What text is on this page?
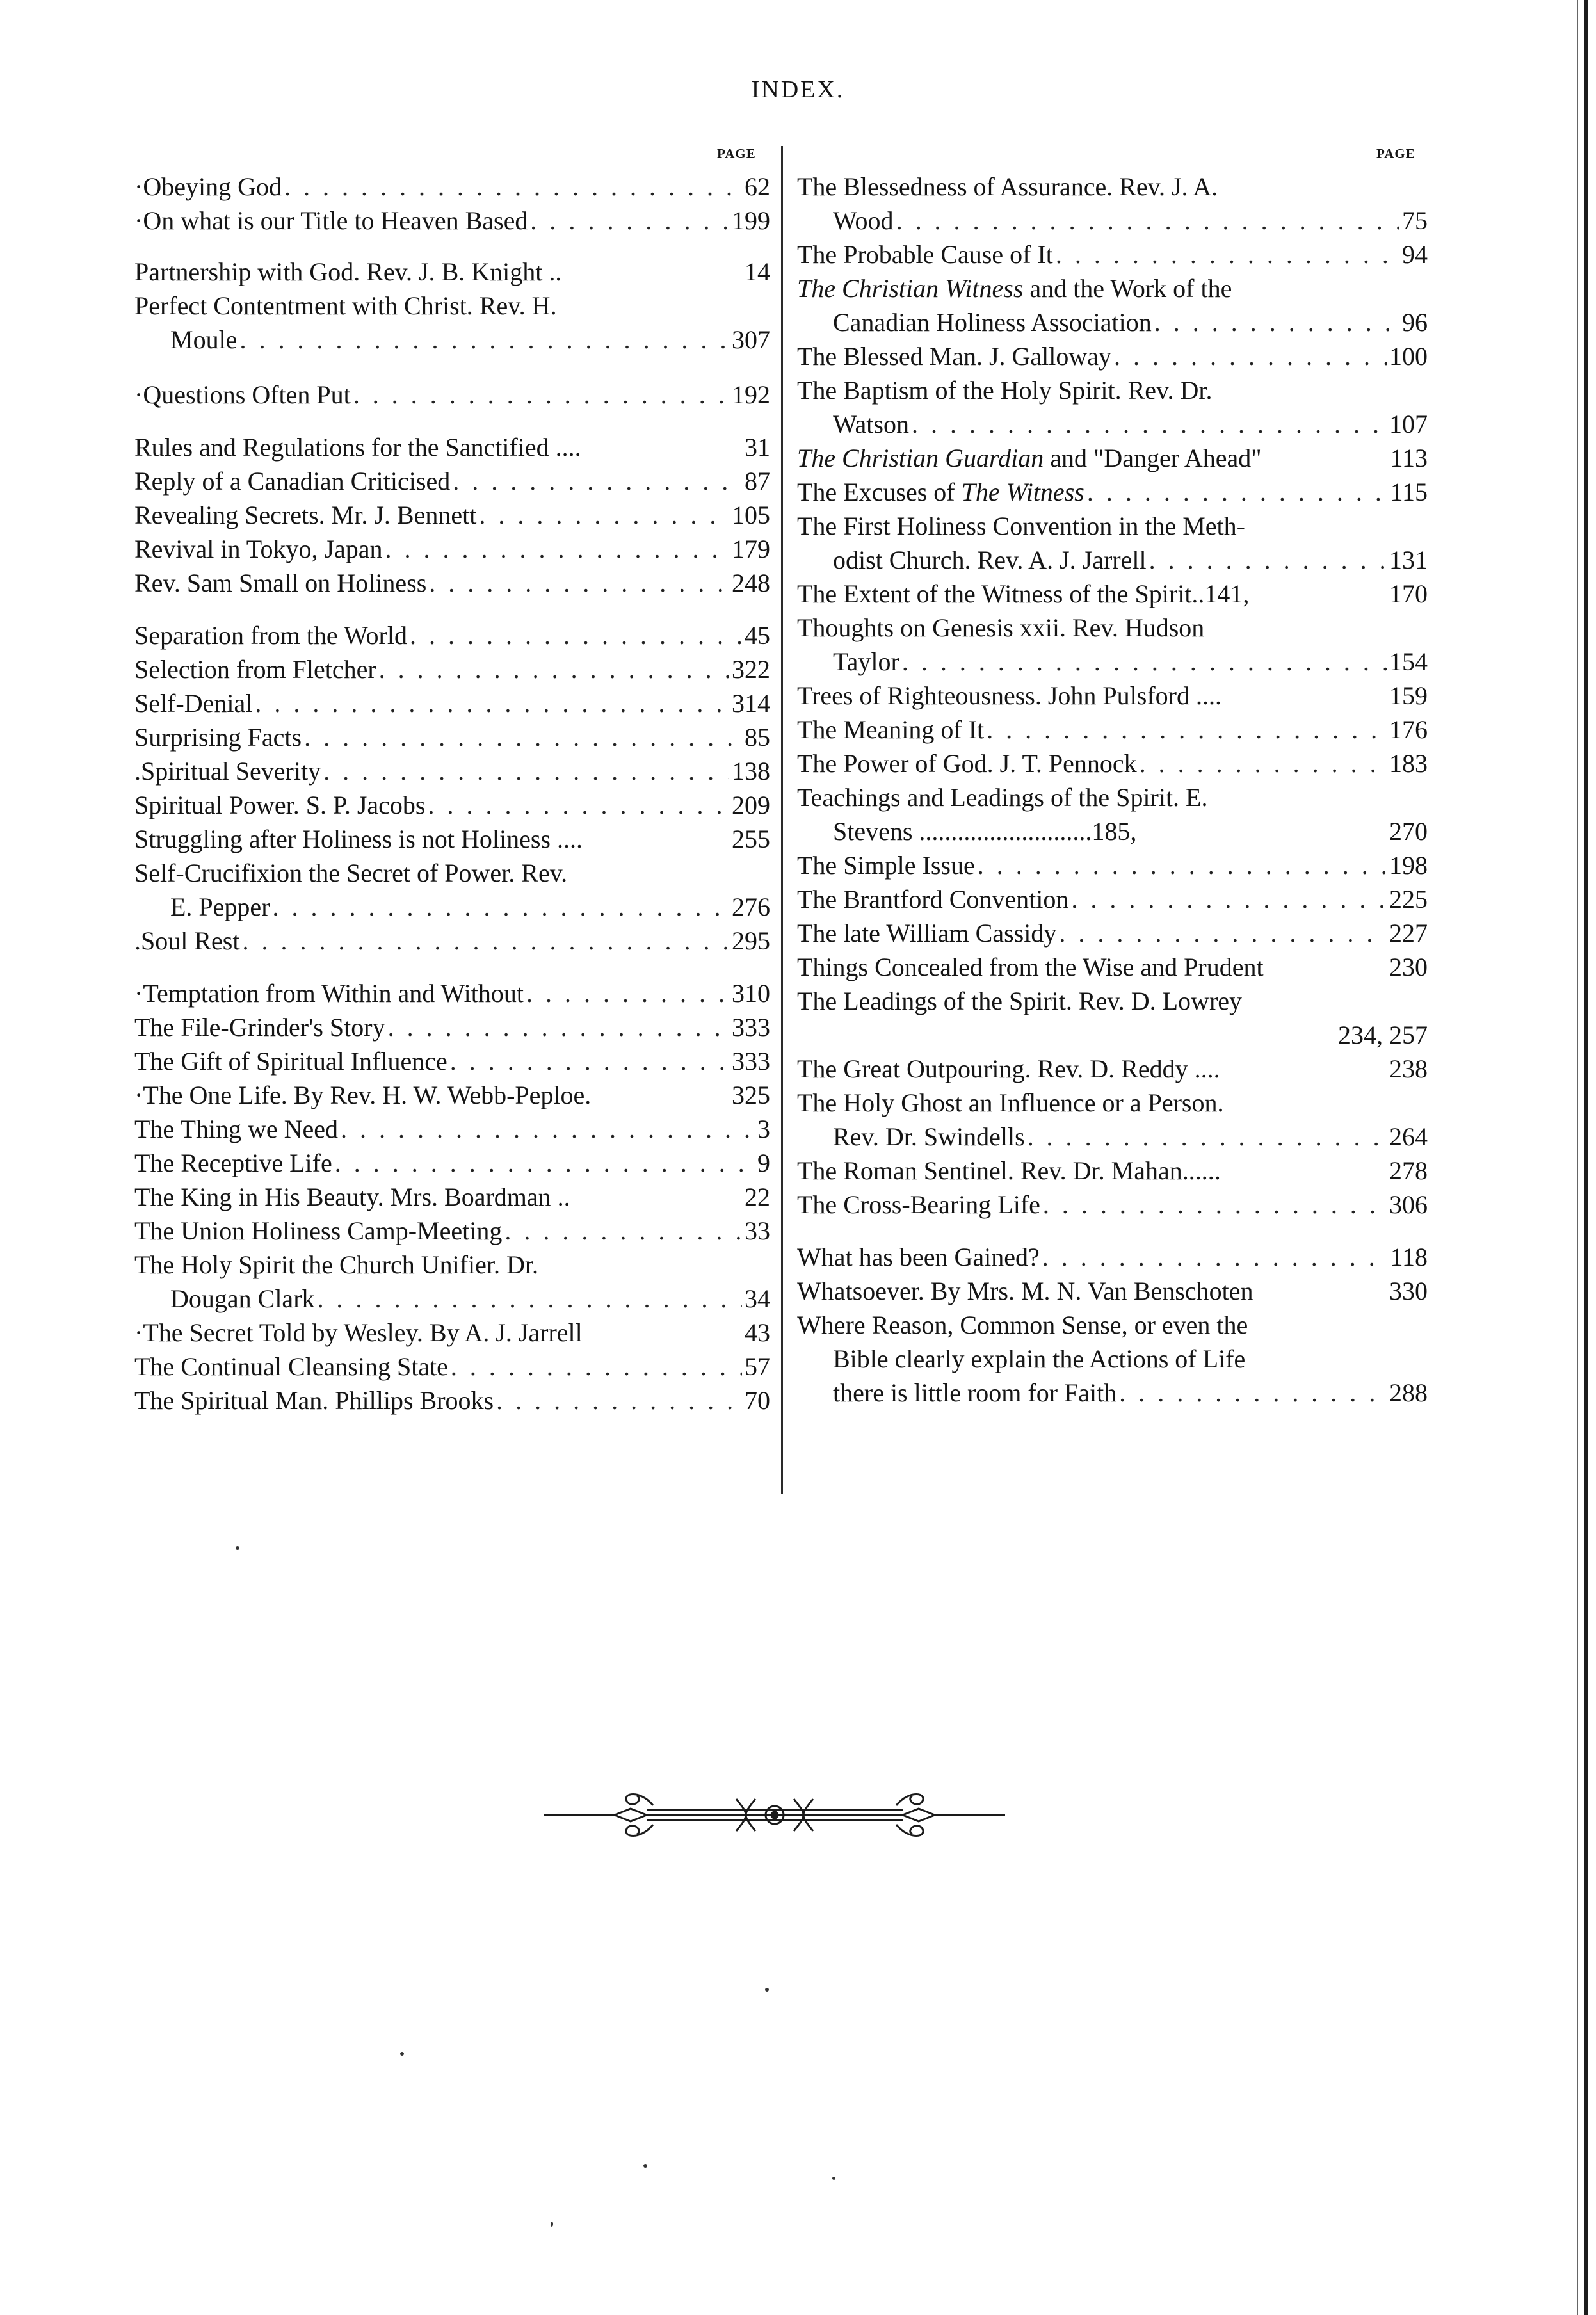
INDEX.
PAGE	PAGE
·Obeying God . . .	62
·On what is our Title to Heaven Based . . .	199
Partnership with God. Rev. J. B. Knight ..	14
Perfect Contentment with Christ. Rev. H.
Moule . . .	307
·Questions Often Put . . .	192
Rules and Regulations for the Sanctified ....	31
Reply of a Canadian Criticised . . .	87
Revealing Secrets. Mr. J. Bennett . . .	105
Revival in Tokyo, Japan . . .	179
Rev. Sam Small on Holiness . . .	248
Separation from the World . . .	45
Selection from Fletcher . . .	322
Self-Denial . . .	314
Surprising Facts . . .	85
.Spiritual Severity . . .	138
Spiritual Power. S. P. Jacobs . . .	209
Struggling after Holiness is not Holiness ....	255
Self-Crucifixion the Secret of Power. Rev.
E. Pepper . . .	276
.Soul Rest . . .	295
·Temptation from Within and Without . . .	310
The File-Grinder's Story . . .	333
The Gift of Spiritual Influence . . .	333
·The One Life. By Rev. H. W. Webb-Peploe.	325
The Thing we Need . . .	3
The Receptive Life . . .	9
The King in His Beauty. Mrs. Boardman ..	22
The Union Holiness Camp-Meeting . . .	33
The Holy Spirit the Church Unifier. Dr.
Dougan Clark . . .	34
·The Secret Told by Wesley. By A. J. Jarrell	43
The Continual Cleansing State . . .	57
The Spiritual Man. Phillips Brooks . . .	70
The Blessedness of Assurance. Rev. J. A.
Wood . . .	75
The Probable Cause of It . . .	94
The Christian Witness and the Work of the
Canadian Holiness Association . . .	96
The Blessed Man. J. Galloway . . .	100
The Baptism of the Holy Spirit. Rev. Dr.
Watson . . .	107
The Christian Guardian and "Danger Ahead"	113
The Excuses of The Witness . . .	115
The First Holiness Convention in the Meth-
odist Church. Rev. A. J. Jarrell . . .	131
The Extent of the Witness of the Spirit..141,	170
Thoughts on Genesis xxii. Rev. Hudson
Taylor . . .	154
Trees of Righteousness. John Pulsford ....	159
The Meaning of It . . .	176
The Power of God. J. T. Pennock . . .	183
Teachings and Leadings of the Spirit. E.
Stevens ...........................185,	270
The Simple Issue . . .	198
The Brantford Convention . . .	225
The late William Cassidy . . .	227
Things Concealed from the Wise and Prudent	230
The Leadings of the Spirit. Rev. D. Lowrey
234, 257
The Great Outpouring. Rev. D. Reddy ....	238
The Holy Ghost an Influence or a Person.
Rev. Dr. Swindells . . .	264
The Roman Sentinel. Rev. Dr. Mahan......	278
The Cross-Bearing Life . . .	306
What has been Gained? . . .	118
Whatsoever. By Mrs. M. N. Van Benschoten	330
Where Reason, Common Sense, or even the
Bible clearly explain the Actions of Life
there is little room for Faith . . .	288
